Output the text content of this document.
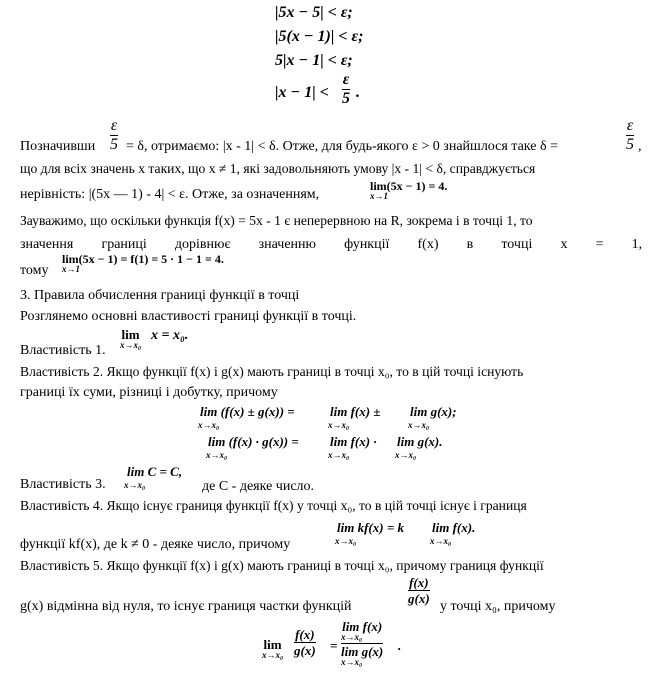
|5x − 5| < ε;
|5(x − 1)| < ε;
5|x − 1| < ε;
|x − 1| <
ε
5 .
Позначивши
ε
5 = δ, отримаємо: |x - 1| < δ. Отже, для будь-якого ε > 0 знайшлося таке δ =
ε
5 ,
що для всіх значень x таких, що x ≠ 1, які задовольняють умову |x - 1| < δ, справджується
нерівність: |(5x — 1) - 4| < ε. Отже, за означенням,
lim(5x − 1) = 4.
x→1
Зауважимо, що оскільки функція f(x) = 5x - 1 є неперервною на R, зокрема і в точці 1, то
значення границі дорівнює значенню функції f(x) в точці x = 1,
тому
lim(5x − 1) = f(1) = 5 · 1 − 1 = 4.
x→1
3. Правила обчислення границі функції в точці
Розглянемо основні властивості границі функції в точці.
Властивість 1.
lim
x→x₀
x = x₀.
Властивість 2. Якщо функції f(x) і g(x) мають границі в точці x₀, то в цій точці існують
границі їх суми, різниці і добутку, причому
lim (f(x) ± g(x)) =
x→x₀
lim f(x) ±
x→x₀
lim g(x);
x→x₀
lim (f(x) · g(x)) =
x→x₀
lim f(x) ·
x→x₀
lim g(x).
x→x₀
Властивість 3.
lim C = C,
x→x₀	де C - деяке число.
Властивість 4. Якщо існує границя функції f(x) у точці x₀, то в цій точці існує і границя
lim kf(x) = k
x→x₀
lim f(x).
x→x₀
функції kf(x), де k ≠ 0 - деяке число, причому
Властивість 5. Якщо функції f(x) і g(x) мають границі в точці x₀, причому границя функції
g(x) відмінна від нуля, то існує границя частки функцій
f(x)
g(x)
у точці x₀, причому
lim
x→x₀
f(x)
g(x) =
lim f(x)
x→x₀
lim g(x)
x→x₀
.
